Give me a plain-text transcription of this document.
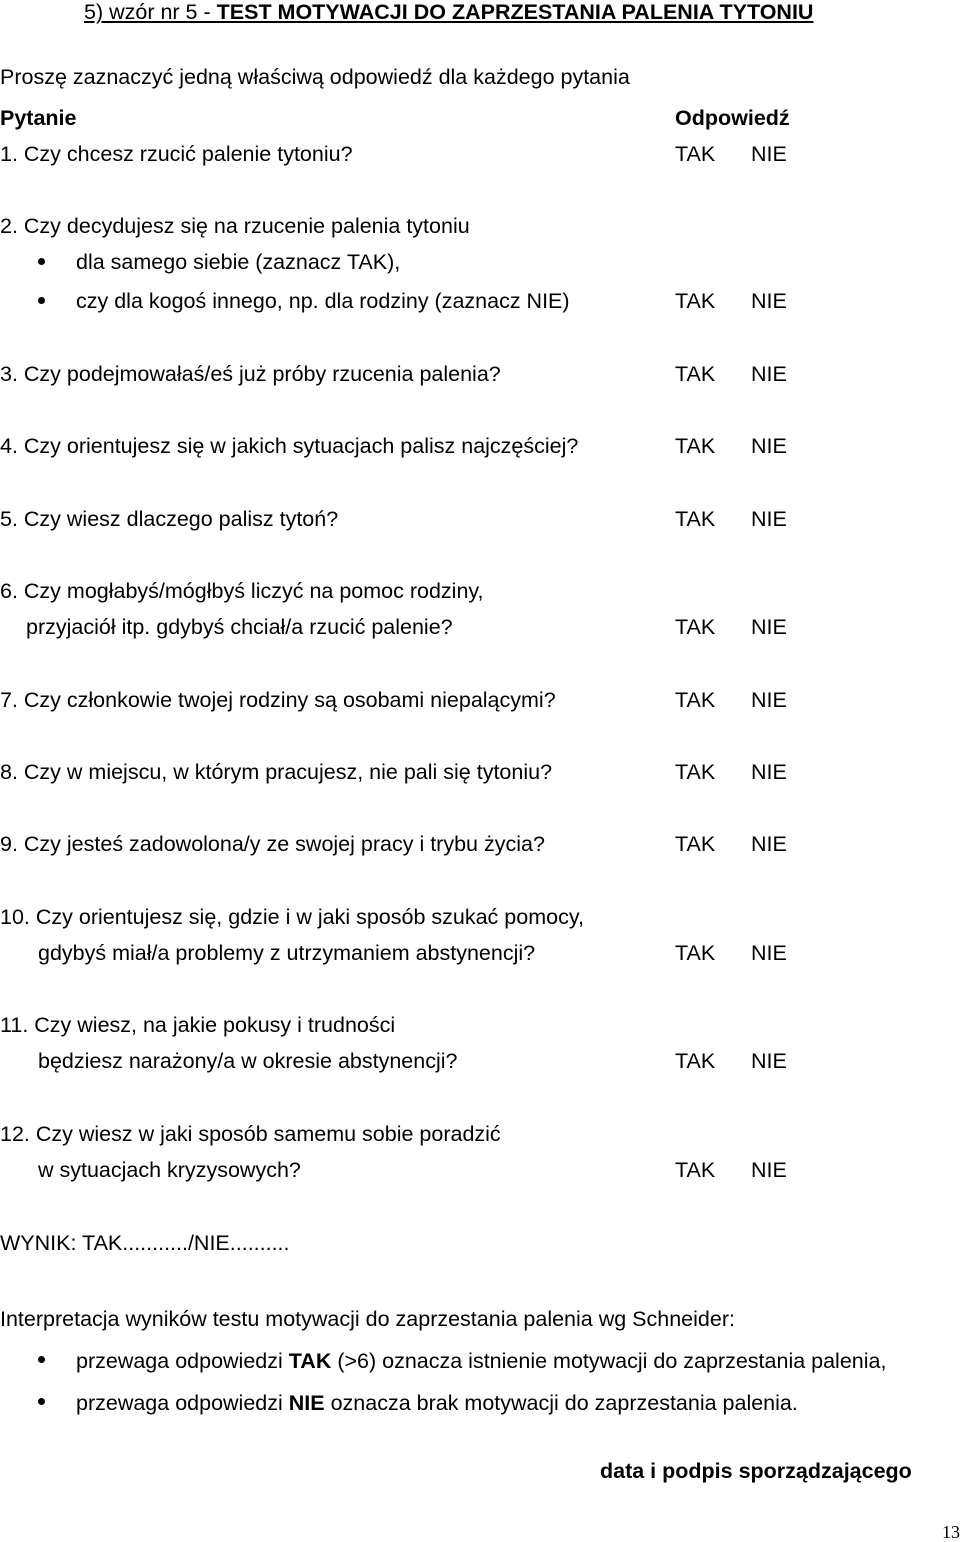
5) wzór nr 5 - TEST MOTYWACJI DO ZAPRZESTANIA PALENIA TYTONIU
Proszę zaznaczyć jedną właściwą odpowiedź dla każdego pytania
Pytanie	Odpowiedź
1. Czy chcesz rzucić palenie tytoniu?	TAK NIE
2. Czy decydujesz się na rzucenie palenia tytoniu
dla samego siebie (zaznacz TAK),
czy dla kogoś innego, np. dla rodziny (zaznacz NIE)	TAK NIE
3. Czy podejmowałaś/eś już próby rzucenia palenia?	TAK NIE
4. Czy orientujesz się w jakich sytuacjach palisz najczęściej?	TAK NIE
5. Czy wiesz dlaczego palisz tytoń?	TAK NIE
6. Czy mogłabyś/mógłbyś liczyć na pomoc rodziny,
przyjaciół itp. gdybyś chciał/a rzucić palenie?	TAK NIE
7. Czy członkowie twojej rodziny są osobami niepalącymi?	TAK NIE
8. Czy w miejscu, w którym pracujesz, nie pali się tytoniu?	TAK NIE
9. Czy jesteś zadowolona/y ze swojej pracy i trybu życia?	TAK NIE
10. Czy orientujesz się, gdzie i w jaki sposób szukać pomocy,
gdybyś miał/a problemy z utrzymaniem abstynencji?	TAK NIE
11. Czy wiesz, na jakie pokusy i trudności
będziesz narażony/a w okresie abstynencji?	TAK NIE
12. Czy wiesz w jaki sposób samemu sobie poradzić
w sytuacjach kryzysowych?	TAK NIE
WYNIK: TAK.........../NIE..........
Interpretacja wyników testu motywacji do zaprzestania palenia wg Schneider:
przewaga odpowiedzi TAK (>6) oznacza istnienie motywacji do zaprzestania palenia,
przewaga odpowiedzi NIE oznacza brak motywacji do zaprzestania palenia.
data i podpis sporządzającego
13
